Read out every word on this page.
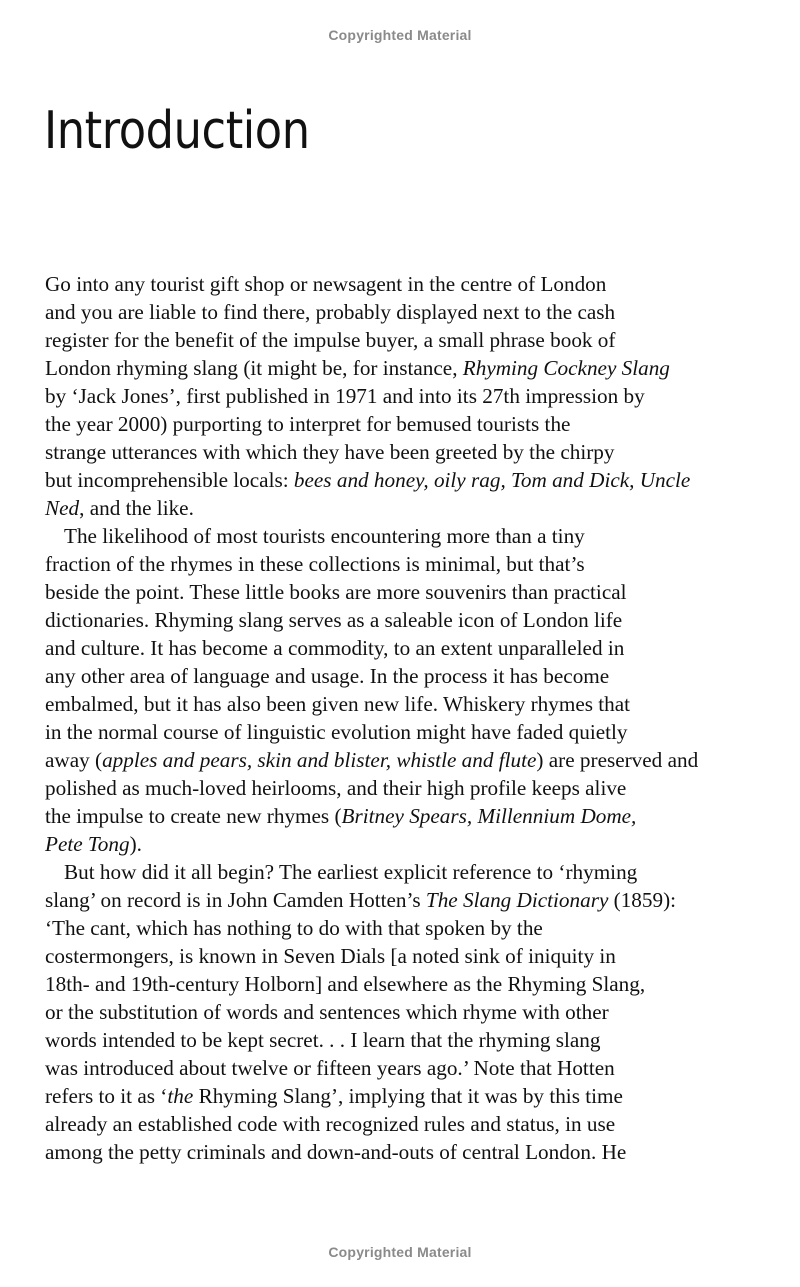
Copyrighted Material
Introduction
Go into any tourist gift shop or newsagent in the centre of London
and you are liable to find there, probably displayed next to the cash
register for the benefit of the impulse buyer, a small phrase book of
London rhyming slang (it might be, for instance, Rhyming Cockney Slang
by ‘Jack Jones’, first published in 1971 and into its 27th impression by
the year 2000) purporting to interpret for bemused tourists the
strange utterances with which they have been greeted by the chirpy
but incomprehensible locals: bees and honey, oily rag, Tom and Dick, Uncle
Ned, and the like.
The likelihood of most tourists encountering more than a tiny
fraction of the rhymes in these collections is minimal, but that’s
beside the point. These little books are more souvenirs than practical
dictionaries. Rhyming slang serves as a saleable icon of London life
and culture. It has become a commodity, to an extent unparalleled in
any other area of language and usage. In the process it has become
embalmed, but it has also been given new life. Whiskery rhymes that
in the normal course of linguistic evolution might have faded quietly
away (apples and pears, skin and blister, whistle and flute) are preserved and
polished as much-loved heirlooms, and their high profile keeps alive
the impulse to create new rhymes (Britney Spears, Millennium Dome,
Pete Tong).
But how did it all begin? The earliest explicit reference to ‘rhyming
slang’ on record is in John Camden Hotten’s The Slang Dictionary (1859):
‘The cant, which has nothing to do with that spoken by the
costermongers, is known in Seven Dials [a noted sink of iniquity in
18th- and 19th-century Holborn] and elsewhere as the Rhyming Slang,
or the substitution of words and sentences which rhyme with other
words intended to be kept secret. . . I learn that the rhyming slang
was introduced about twelve or fifteen years ago.’ Note that Hotten
refers to it as ‘the Rhyming Slang’, implying that it was by this time
already an established code with recognized rules and status, in use
among the petty criminals and down-and-outs of central London. He
Copyrighted Material
